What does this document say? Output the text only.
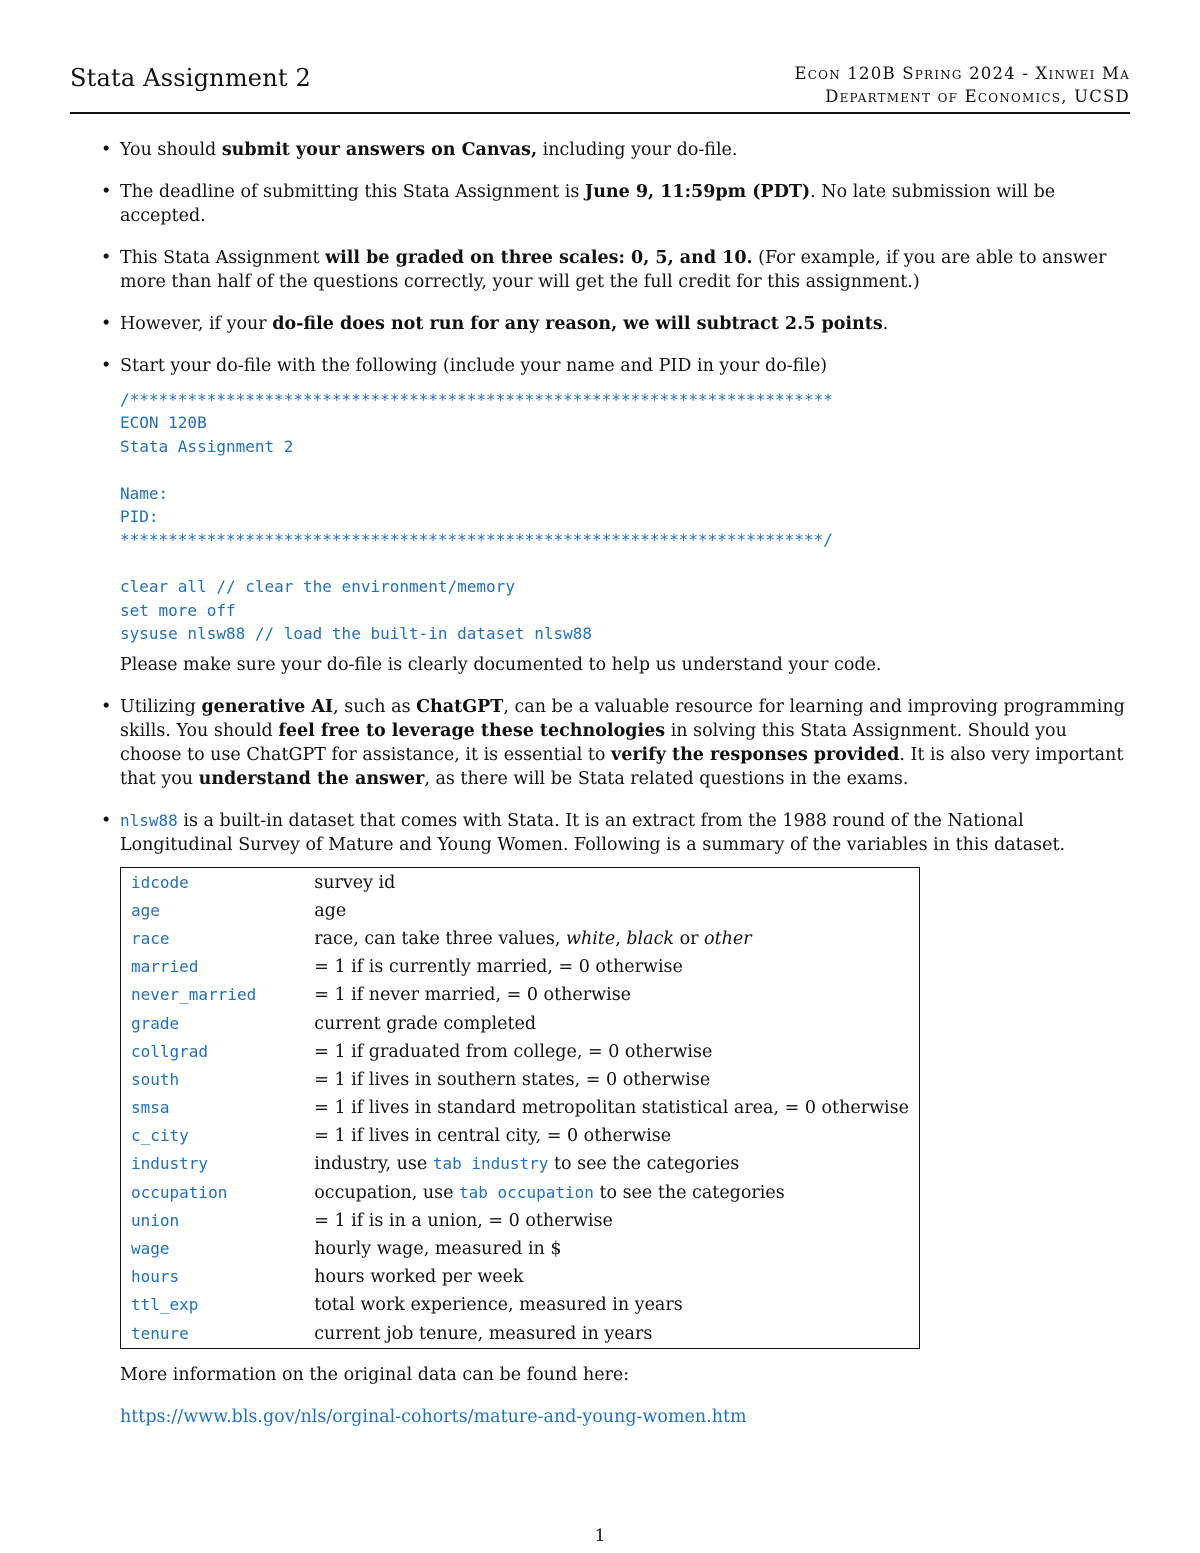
Stata Assignment 2	Econ 120B Spring 2024 - Xinwei Ma
Department of Economics, UCSD
• You should submit your answers on Canvas, including your do-file.
• The deadline of submitting this Stata Assignment is June 9, 11:59pm (PDT). No late submission will be accepted.
• This Stata Assignment will be graded on three scales: 0, 5, and 10. (For example, if you are able to answer more than half of the questions correctly, your will get the full credit for this assignment.)
• However, if your do-file does not run for any reason, we will subtract 2.5 points.
• Start your do-file with the following (include your name and PID in your do-file)
/*************************************************************************
ECON 120B
Stata Assignment 2

Name:
PID:
*************************************************************************/

clear all // clear the environment/memory
set more off
sysuse nlsw88 // load the built-in dataset nlsw88
Please make sure your do-file is clearly documented to help us understand your code.
• Utilizing generative AI, such as ChatGPT, can be a valuable resource for learning and improving programming skills. You should feel free to leverage these technologies in solving this Stata Assignment. Should you choose to use ChatGPT for assistance, it is essential to verify the responses provided. It is also very important that you understand the answer, as there will be Stata related questions in the exams.
• nlsw88 is a built-in dataset that comes with Stata. It is an extract from the 1988 round of the National Longitudinal Survey of Mature and Young Women. Following is a summary of the variables in this dataset.
idcode	survey id
age	age
race	race, can take three values, white, black or other
married	= 1 if is currently married, = 0 otherwise
never_married	= 1 if never married, = 0 otherwise
grade	current grade completed
collgrad	= 1 if graduated from college, = 0 otherwise
south	= 1 if lives in southern states, = 0 otherwise
smsa	= 1 if lives in standard metropolitan statistical area, = 0 otherwise
c_city	= 1 if lives in central city, = 0 otherwise
industry	industry, use tab industry to see the categories
occupation	occupation, use tab occupation to see the categories
union	= 1 if is in a union, = 0 otherwise
wage	hourly wage, measured in $
hours	hours worked per week
ttl_exp	total work experience, measured in years
tenure	current job tenure, measured in years
More information on the original data can be found here:
https://www.bls.gov/nls/orginal-cohorts/mature-and-young-women.htm
1
